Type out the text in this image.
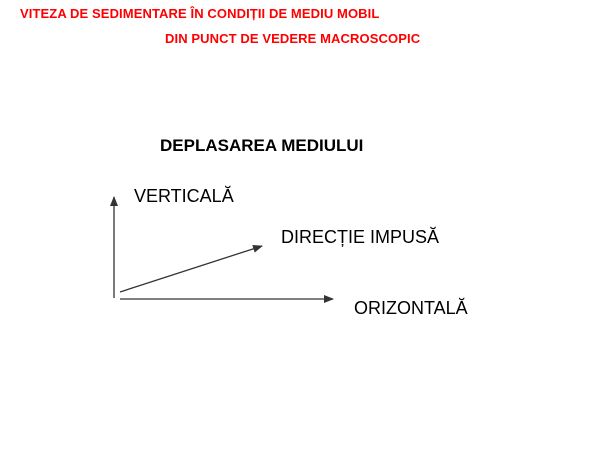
VITEZA DE SEDIMENTARE ÎN CONDIȚII DE MEDIU MOBIL
DIN PUNCT DE VEDERE MACROSCOPIC
DEPLASAREA MEDIULUI
VERTICALĂ
DIRECȚIE IMPUSĂ
ORIZONTALĂ
